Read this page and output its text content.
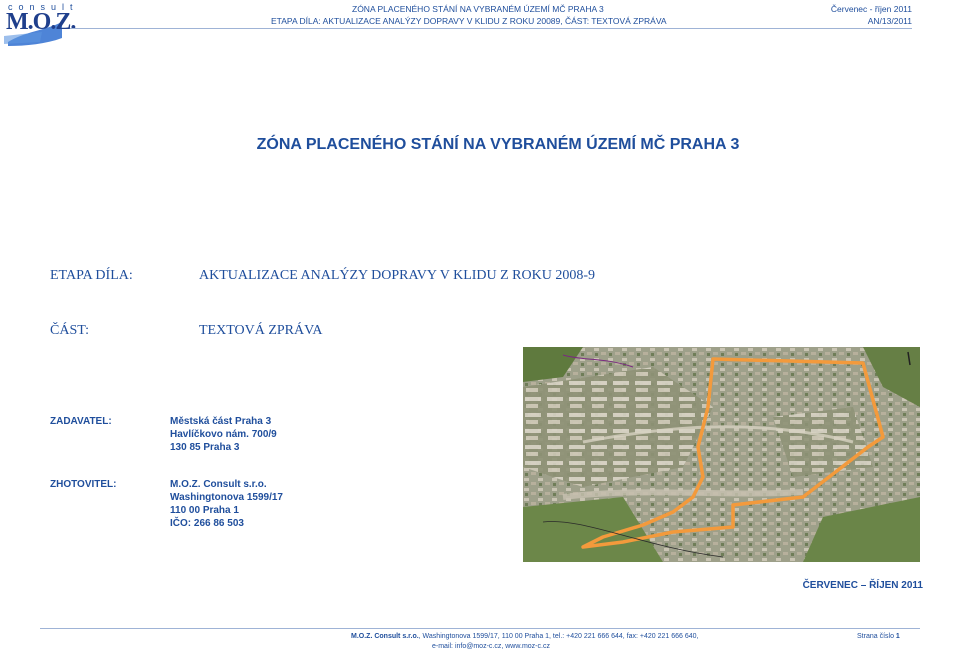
consult
M.O.Z.	ZÓNA PLACENÉHO STÁNÍ NA VYBRANÉM ÚZEMÍ MČ PRAHA 3
ETAPA DÍLA: AKTUALIZACE ANALÝZY DOPRAVY V KLIDU Z ROKU 20089, ČÁST: TEXTOVÁ ZPRÁVA
Červenec - říjen 2011
AN/13/2011
ZÓNA PLACENÉHO STÁNÍ NA VYBRANÉM ÚZEMÍ MČ PRAHA 3
ETAPA DÍLA:	AKTUALIZACE ANALÝZY DOPRAVY V KLIDU Z ROKU 2008-9
ČÁST:	TEXTOVÁ ZPRÁVA
ZADAVATEL:	Městská část Praha 3
Havlíčkovo nám. 700/9
130 85 Praha 3
ZHOTOVITEL:	M.O.Z. Consult s.r.o.
Washingtonova 1599/17
110 00 Praha 1
IČO: 266 86 503
ČERVENEC – ŘÍJEN 2011
M.O.Z. Consult s.r.o., Washingtonova 1599/17, 110 00 Praha 1, tel.: +420 221 666 644, fax: +420 221 666 640,
e-mail: info@moz-c.cz, www.moz-c.cz
Strana číslo 1
